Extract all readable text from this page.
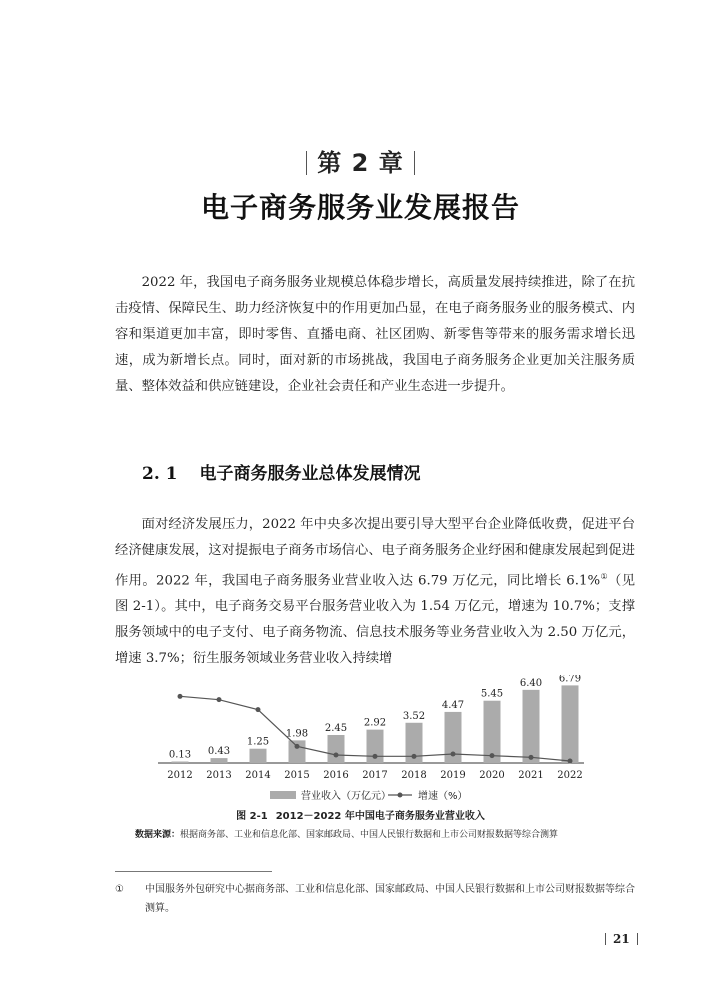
第 2 章
电子商务服务业发展报告

2022 年，我国电子商务服务业规模总体稳步增长，高质量发展持续推进，除了在抗击疫情、保障民生、助力经济恢复中的作用更加凸显，在电子商务服务业的服务模式、内容和渠道更加丰富，即时零售、直播电商、社区团购、新零售等带来的服务需求增长迅速，成为新增长点。同时，面对新的市场挑战，我国电子商务服务企业更加关注服务质量、整体效益和供应链建设，企业社会责任和产业生态进一步提升。

2. 1 电子商务服务业总体发展情况

面对经济发展压力，2022 年中央多次提出要引导大型平台企业降低收费，促进平台经济健康发展，这对提振电子商务市场信心、电子商务服务企业纾困和健康发展起到促进作用。2022 年，我国电子商务服务业营业收入达 6.79 万亿元，同比增长 6.1%①（见图 2-1）。其中，电子商务交易平台服务营业收入为 1.54 万亿元，增速为 10.7%；支撑服务领域中的电子支付、电子商务物流、信息技术服务等业务营业收入为 2.50 万亿元，增速 3.7%；衍生服务领域业务营业收入持续增

0.13 0.43
1.25
1.98 2.45 2.92
3.52
4.47
5.45
6.40 6.79
2012 2013 2014 2015 2016 2017 2018 2019 2020 2021 2022
营业收入（万亿元）	增速（%）
图 2-1 2012－2022 年中国电子商务服务业营业收入
数据来源：根据商务部、工业和信息化部、国家邮政局、中国人民银行数据和上市公司财报数据等综合测算
① 中国服务外包研究中心据商务部、工业和信息化部、国家邮政局、中国人民银行数据和上市公司财报数据等综合测算。
21
